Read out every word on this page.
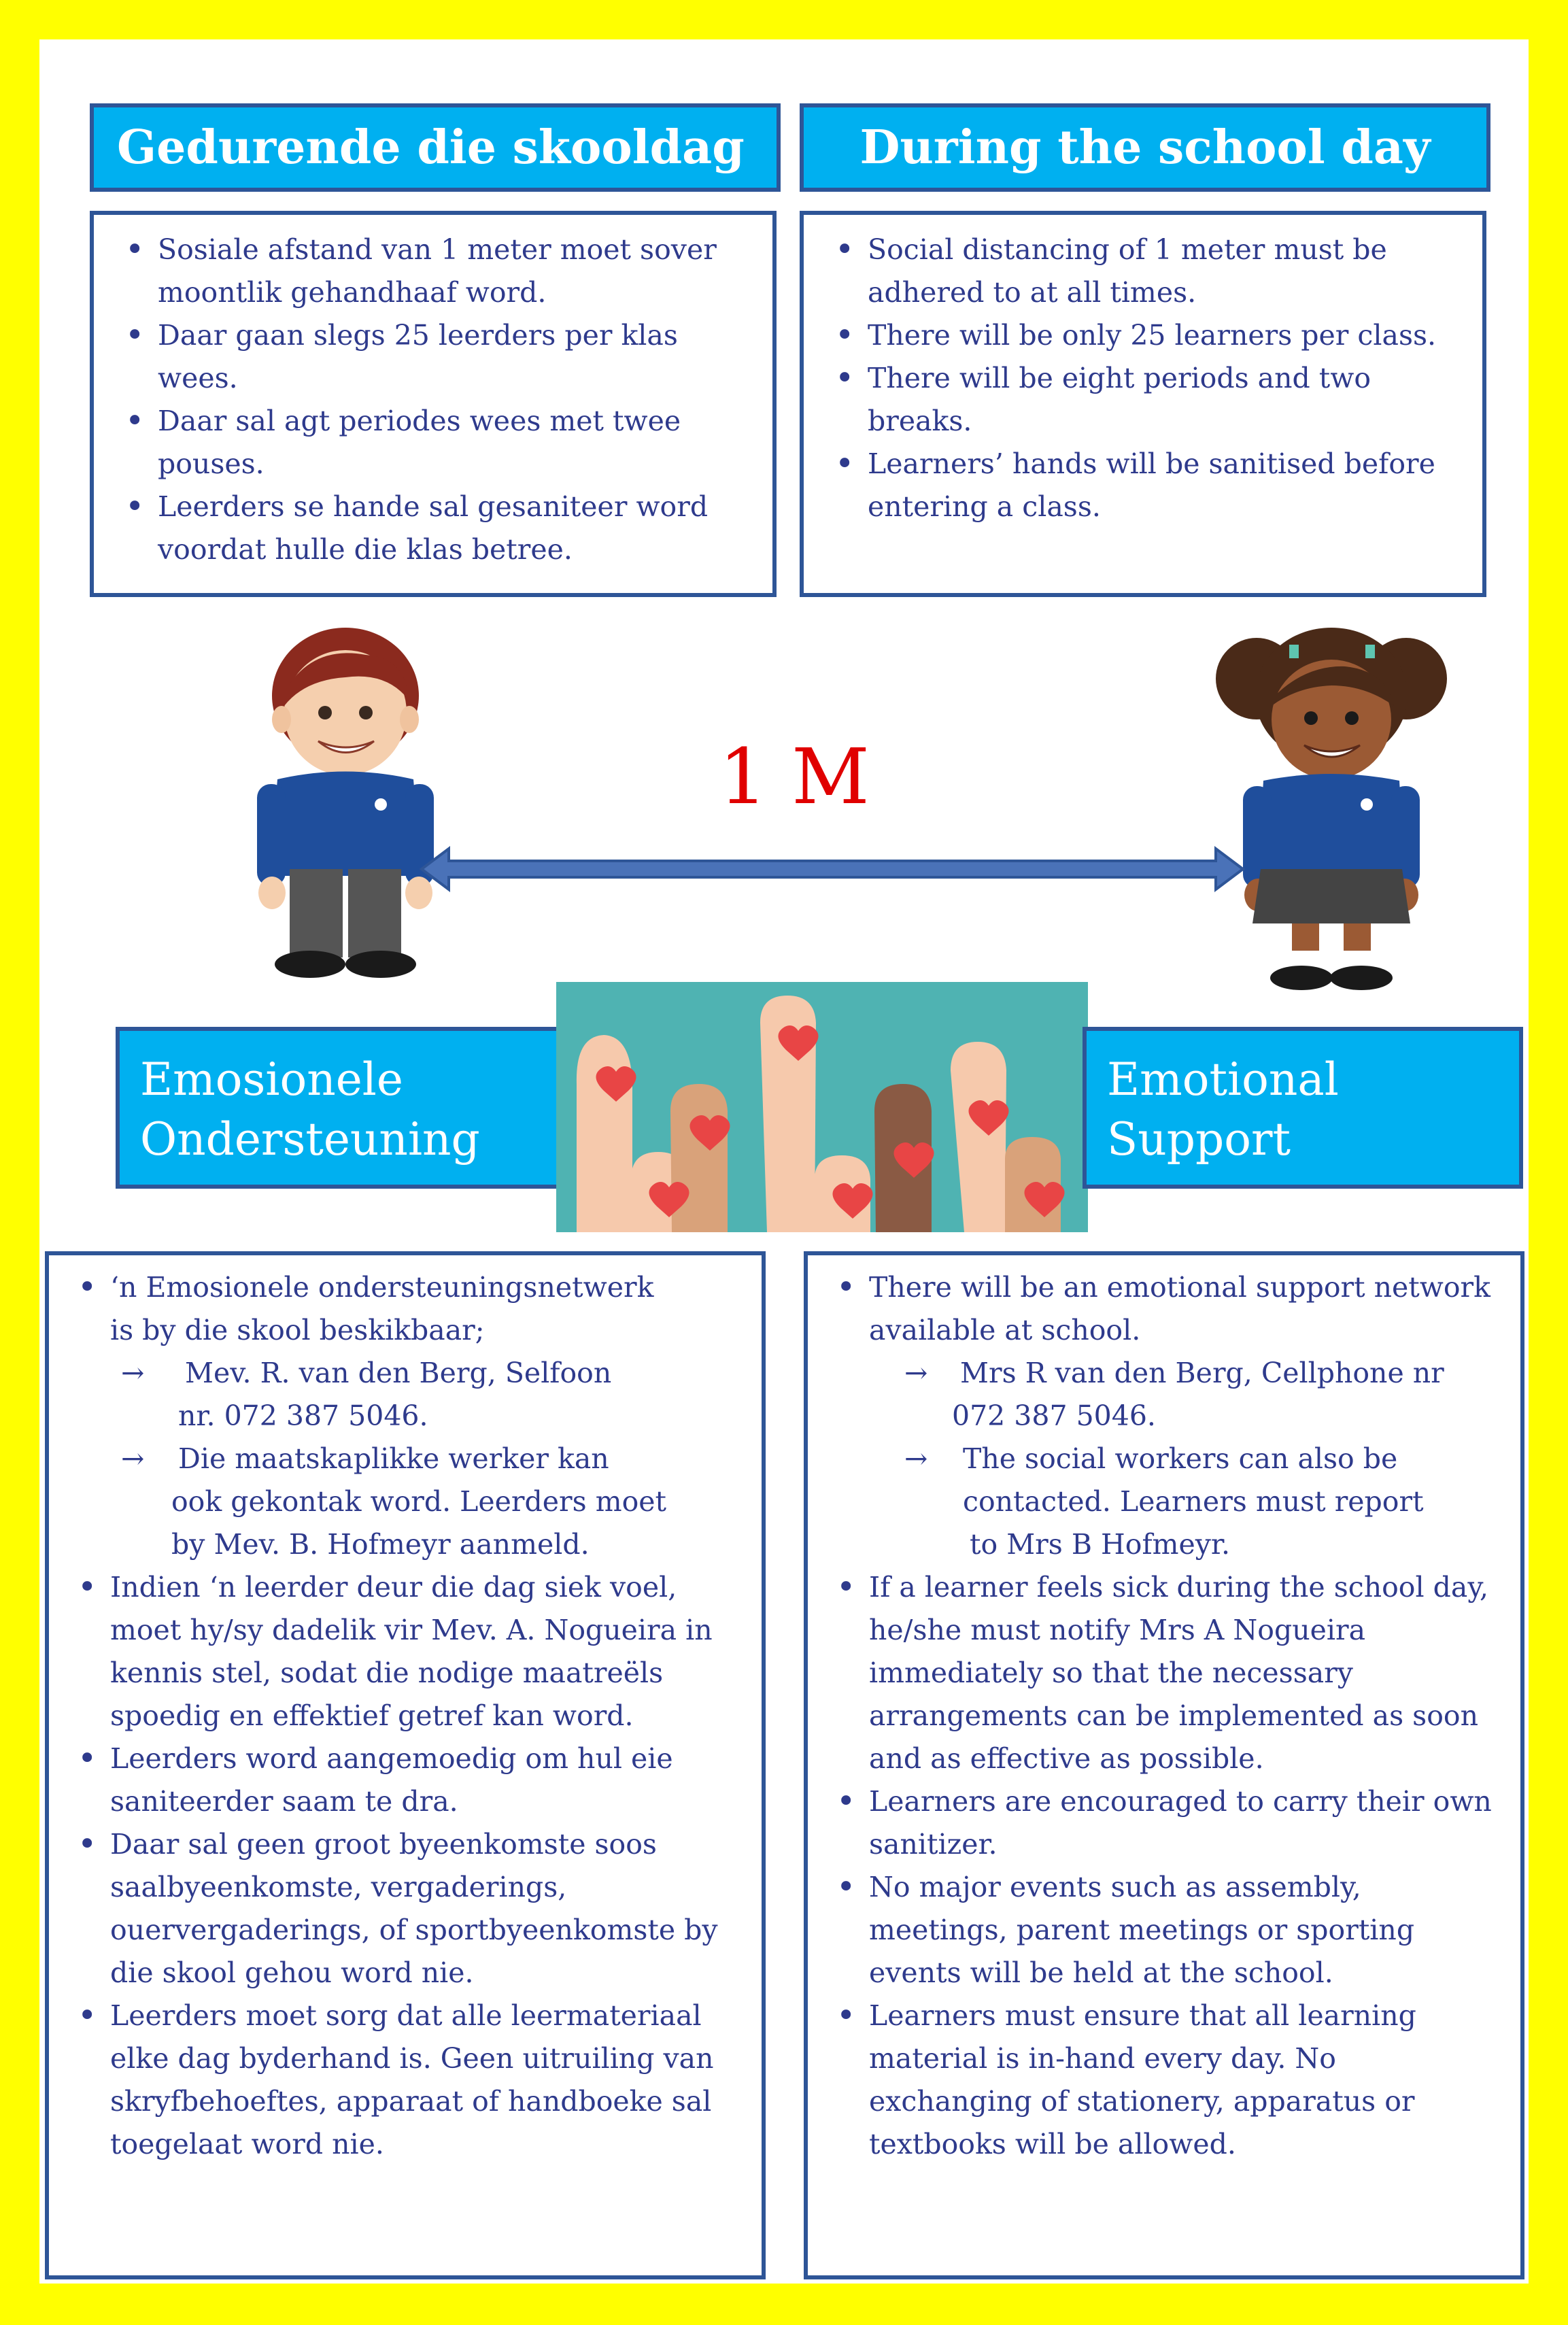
Gedurende die skooldag	During the school day
• Sosiale afstand van 1 meter moet sover moontlik gehandhaaf word.
• Daar gaan slegs 25 leerders per klas wees.
• Daar sal agt periodes wees met twee pouses.
• Leerders se hande sal gesaniteer word voordat hulle die klas betree.
• Social distancing of 1 meter must be adhered to at all times.
• There will be only 25 learners per class.
• There will be eight periods and two breaks.
• Learners’ hands will be sanitised before entering a class.
1 M
Emosionele
Ondersteuning
Emotional
Support
• ‘n Emosionele ondersteuningsnetwerk
is by die skool beskikbaar;
→ Mev. R. van den Berg, Selfoon
nr. 072 387 5046.
→ Die maatskaplikke werker kan
ook gekontak word. Leerders moet
by Mev. B. Hofmeyr aanmeld.
• Indien ‘n leerder deur die dag siek voel, moet hy/sy dadelik vir Mev. A. Nogueira in kennis stel, sodat die nodige maatreëls spoedig en effektief getref kan word.
• Leerders word aangemoedig om hul eie saniteerder saam te dra.
• Daar sal geen groot byeenkomste soos saalbyeenkomste, vergaderings, ouervergaderings, of sportbyeenkomste by die skool gehou word nie.
• Leerders moet sorg dat alle leermateriaal elke dag byderhand is. Geen uitruiling van skryfbehoeftes, apparaat of handboeke sal toegelaat word nie.
• There will be an emotional support network
available at school.
→ Mrs R van den Berg, Cellphone nr
072 387 5046.
→ The social workers can also be
contacted. Learners must report
to Mrs B Hofmeyr.
• If a learner feels sick during the school day, he/she must notify Mrs A Nogueira immediately so that the necessary arrangements can be implemented as soon and as effective as possible.
• Learners are encouraged to carry their own sanitizer.
• No major events such as assembly, meetings, parent meetings or sporting events will be held at the school.
• Learners must ensure that all learning material is in-hand every day. No exchanging of stationery, apparatus or textbooks will be allowed.
